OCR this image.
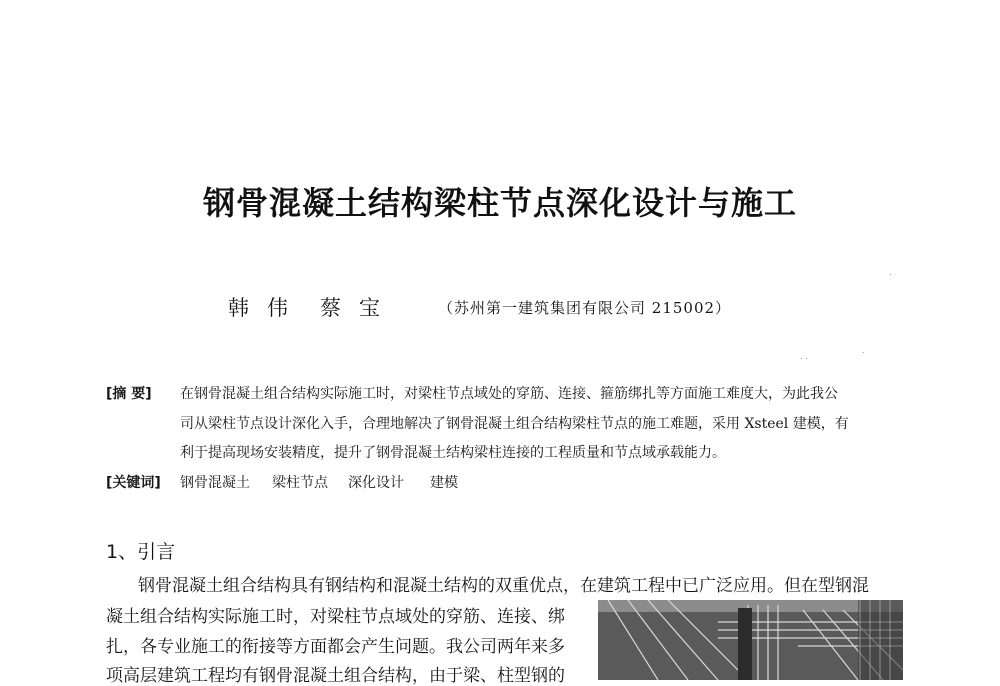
钢骨混凝土结构梁柱节点深化设计与施工
韩伟 蔡宝	（苏州第一建筑集团有限公司 215002）
[摘 要] 在钢骨混凝土组合结构实际施工时，对梁柱节点域处的穿筋、连接、箍筋绑扎等方面施工难度大，为此我公
司从梁柱节点设计深化入手，合理地解决了钢骨混凝土组合结构梁柱节点的施工难题，采用 Xsteel 建模，有
利于提高现场安装精度，提升了钢骨混凝土结构梁柱连接的工程质量和节点域承载能力。
[关键词] 钢骨混凝土 梁柱节点 深化设计 建模
1、引言
钢骨混凝土组合结构具有钢结构和混凝土结构的双重优点，在建筑工程中已广泛应用。但在型钢混
凝土组合结构实际施工时，对梁柱节点域处的穿筋、连接、绑
扎，各专业施工的衔接等方面都会产生问题。我公司两年来多
项高层建筑工程均有钢骨混凝土组合结构，由于梁、柱型钢的
.
. .
.
